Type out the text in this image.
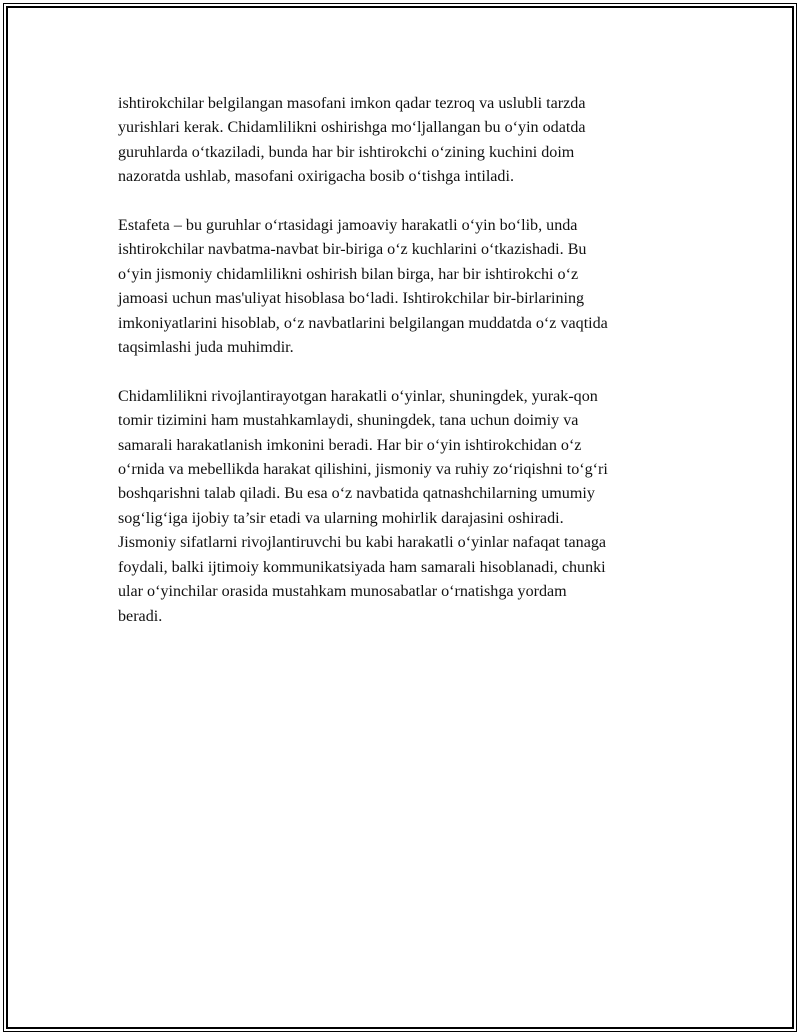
ishtirokchilar belgilangan masofani imkon qadar tezroq va uslubli tarzda
yurishlari kerak. Chidamlilikni oshirishga mo‘ljallangan bu o‘yin odatda
guruhlarda o‘tkaziladi, bunda har bir ishtirokchi o‘zining kuchini doim
nazoratda ushlab, masofani oxirigacha bosib o‘tishga intiladi.

Estafeta – bu guruhlar o‘rtasidagi jamoaviy harakatli o‘yin bo‘lib, unda
ishtirokchilar navbatma-navbat bir-biriga o‘z kuchlarini o‘tkazishadi. Bu
o‘yin jismoniy chidamlilikni oshirish bilan birga, har bir ishtirokchi o‘z
jamoasi uchun mas'uliyat hisoblasa bo‘ladi. Ishtirokchilar bir-birlarining
imkoniyatlarini hisoblab, o‘z navbatlarini belgilangan muddatda o‘z vaqtida
taqsimlashi juda muhimdir.

Chidamlilikni rivojlantirayotgan harakatli o‘yinlar, shuningdek, yurak-qon
tomir tizimini ham mustahkamlaydi, shuningdek, tana uchun doimiy va
samarali harakatlanish imkonini beradi. Har bir o‘yin ishtirokchidan o‘z
o‘rnida va mebellikda harakat qilishini, jismoniy va ruhiy zo‘riqishni to‘g‘ri
boshqarishni talab qiladi. Bu esa o‘z navbatida qatnashchilarning umumiy
sog‘lig‘iga ijobiy ta’sir etadi va ularning mohirlik darajasini oshiradi.
Jismoniy sifatlarni rivojlantiruvchi bu kabi harakatli o‘yinlar nafaqat tanaga
foydali, balki ijtimoiy kommunikatsiyada ham samarali hisoblanadi, chunki
ular o‘yinchilar orasida mustahkam munosabatlar o‘rnatishga yordam
beradi.
